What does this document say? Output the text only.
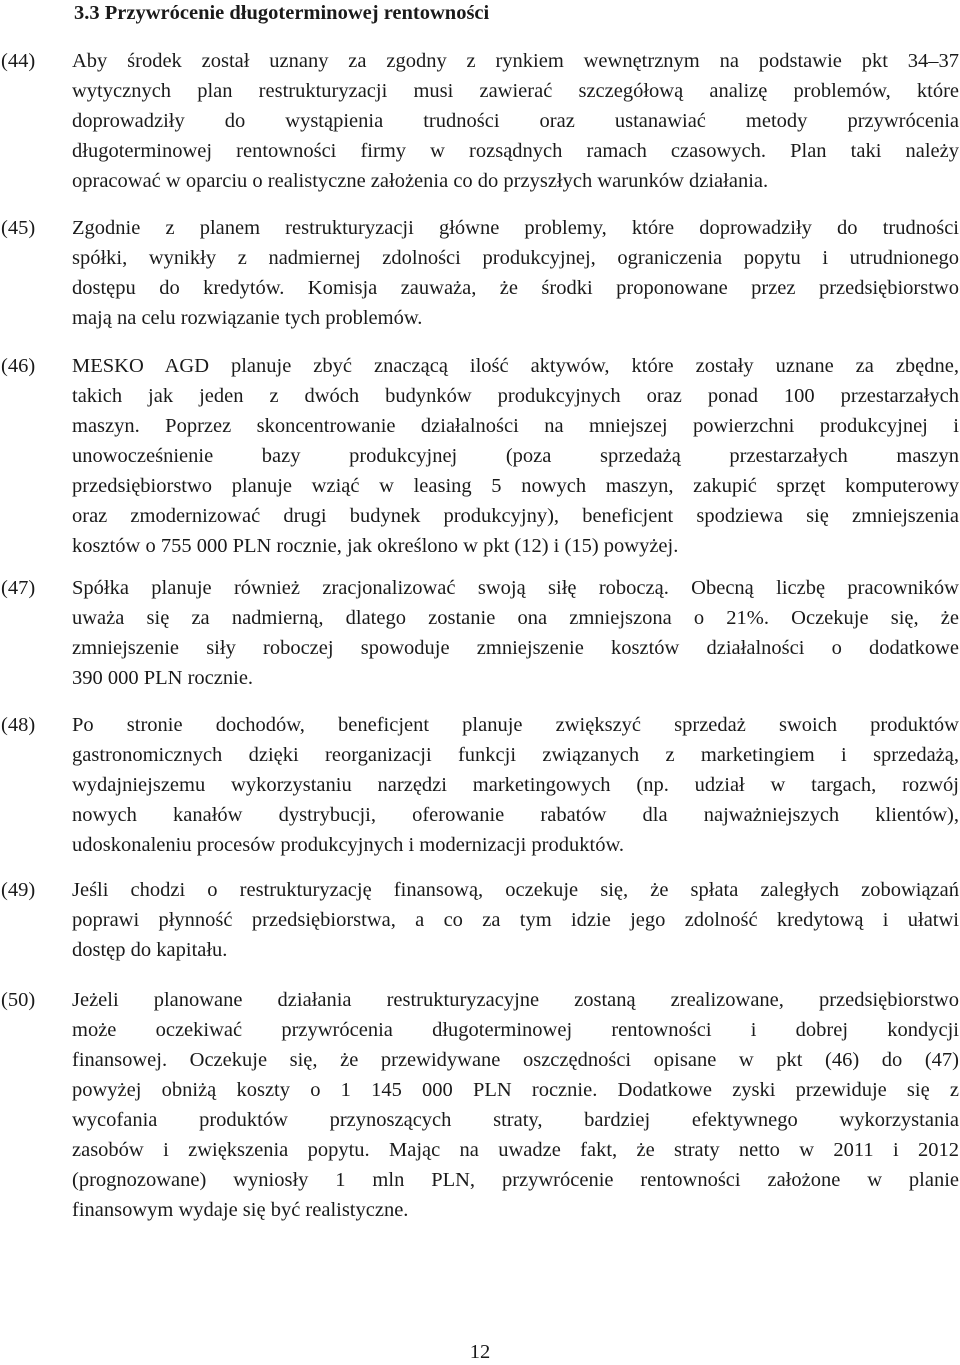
3.3 Przywrócenie długoterminowej rentowności
(44) Aby środek został uznany za zgodny z rynkiem wewnętrznym na podstawie pkt 34–37
wytycznych plan restrukturyzacji musi zawierać szczegółową analizę problemów, które
doprowadziły do wystąpienia trudności oraz ustanawiać metody przywrócenia
długoterminowej rentowności firmy w rozsądnych ramach czasowych. Plan taki należy
opracować w oparciu o realistyczne założenia co do przyszłych warunków działania.
(45) Zgodnie z planem restrukturyzacji główne problemy, które doprowadziły do trudności
spółki, wynikły z nadmiernej zdolności produkcyjnej, ograniczenia popytu i utrudnionego
dostępu do kredytów. Komisja zauważa, że środki proponowane przez przedsiębiorstwo
mają na celu rozwiązanie tych problemów.
(46) MESKO AGD planuje zbyć znaczącą ilość aktywów, które zostały uznane za zbędne,
takich jak jeden z dwóch budynków produkcyjnych oraz ponad 100 przestarzałych
maszyn. Poprzez skoncentrowanie działalności na mniejszej powierzchni produkcyjnej i
unowocześnienie bazy produkcyjnej (poza sprzedażą przestarzałych maszyn
przedsiębiorstwo planuje wziąć w leasing 5 nowych maszyn, zakupić sprzęt komputerowy
oraz zmodernizować drugi budynek produkcyjny), beneficjent spodziewa się zmniejszenia
kosztów o 755 000 PLN rocznie, jak określono w pkt (12) i (15) powyżej.
(47) Spółka planuje również zracjonalizować swoją siłę roboczą. Obecną liczbę pracowników
uważa się za nadmierną, dlatego zostanie ona zmniejszona o 21%. Oczekuje się, że
zmniejszenie siły roboczej spowoduje zmniejszenie kosztów działalności o dodatkowe
390 000 PLN rocznie.
(48) Po stronie dochodów, beneficjent planuje zwiększyć sprzedaż swoich produktów
gastronomicznych dzięki reorganizacji funkcji związanych z marketingiem i sprzedażą,
wydajniejszemu wykorzystaniu narzędzi marketingowych (np. udział w targach, rozwój
nowych kanałów dystrybucji, oferowanie rabatów dla najważniejszych klientów),
udoskonaleniu procesów produkcyjnych i modernizacji produktów.
(49) Jeśli chodzi o restrukturyzację finansową, oczekuje się, że spłata zaległych zobowiązań
poprawi płynność przedsiębiorstwa, a co za tym idzie jego zdolność kredytową i ułatwi
dostęp do kapitału.
(50) Jeżeli planowane działania restrukturyzacyjne zostaną zrealizowane, przedsiębiorstwo
może oczekiwać przywrócenia długoterminowej rentowności i dobrej kondycji
finansowej. Oczekuje się, że przewidywane oszczędności opisane w pkt (46) do (47)
powyżej obniżą koszty o 1 145 000 PLN rocznie. Dodatkowe zyski przewiduje się z
wycofania produktów przynoszących straty, bardziej efektywnego wykorzystania
zasobów i zwiększenia popytu. Mając na uwadze fakt, że straty netto w 2011 i 2012
(prognozowane) wyniosły 1 mln PLN, przywrócenie rentowności założone w planie
finansowym wydaje się być realistyczne.
12
